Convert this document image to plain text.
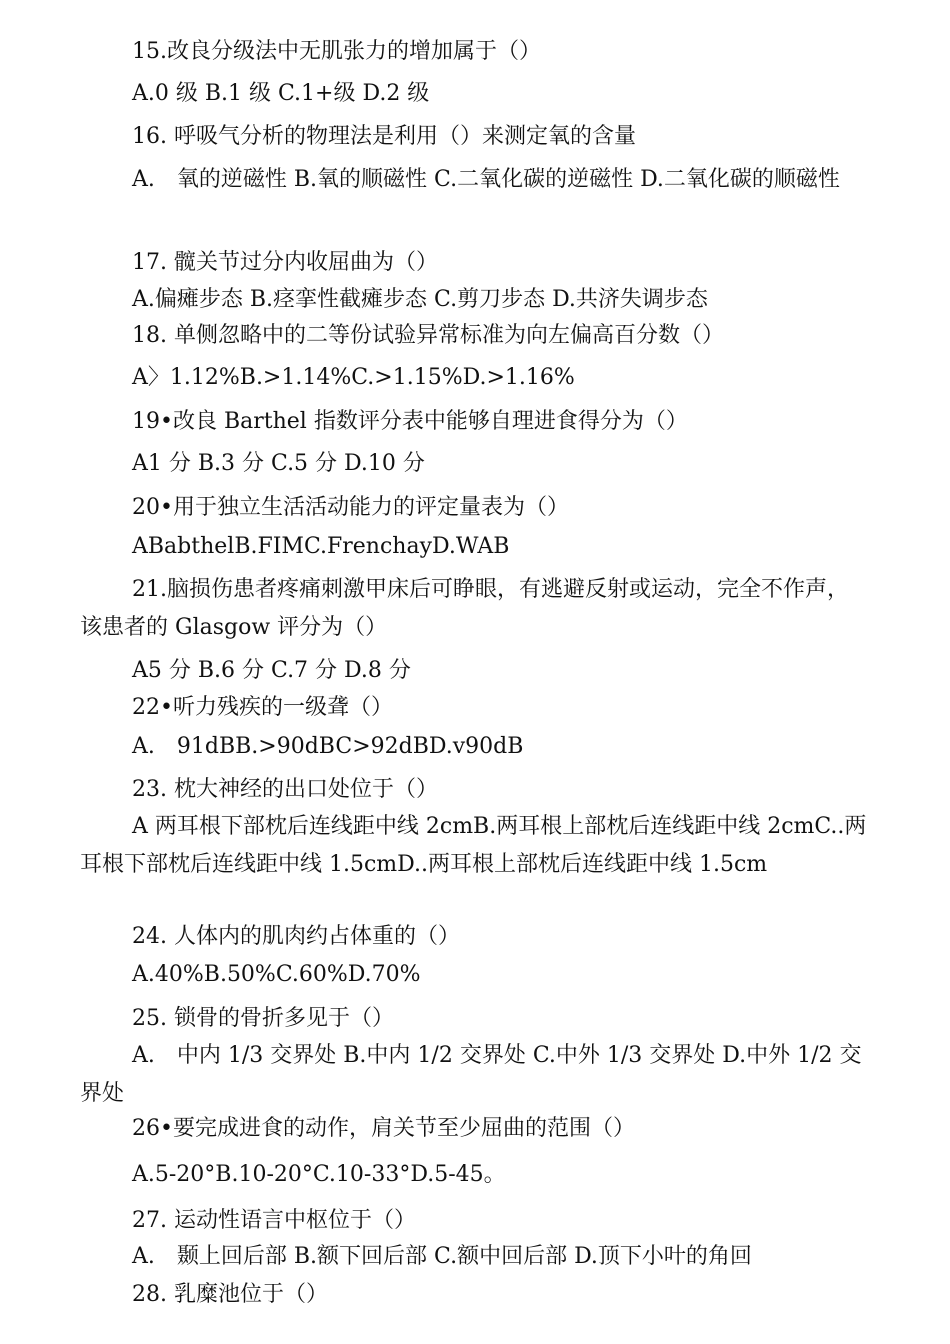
15.改良分级法中无肌张力的增加属于（）
A.0 级 B.1 级 C.1+级 D.2 级
16. 呼吸气分析的物理法是利用（）来测定氧的含量
A.　氧的逆磁性 B.氧的顺磁性 C.二氧化碳的逆磁性 D.二氧化碳的顺磁性
17. 髋关节过分内收屈曲为（）
A.偏瘫步态 B.痉挛性截瘫步态 C.剪刀步态 D.共济失调步态
18. 单侧忽略中的二等份试验异常标准为向左偏高百分数（）
A〉1.12%B.>1.14%C.>1.15%D.>1.16%
19•改良 Barthel 指数评分表中能够自理进食得分为（）
A1 分 B.3 分 C.5 分 D.10 分
20•用于独立生活活动能力的评定量表为（）
ABabthelB.FIMC.FrenchayD.WAB
21.脑损伤患者疼痛刺激甲床后可睁眼，有逃避反射或运动，完全不作声，该患者的 Glasgow 评分为（）
A5 分 B.6 分 C.7 分 D.8 分
22•听力残疾的一级聋（）
A.　91dBB.>90dBC>92dBD.v90dB
23. 枕大神经的出口处位于（）
A 两耳根下部枕后连线距中线 2cmB.两耳根上部枕后连线距中线 2cmC..两耳根下部枕后连线距中线 1.5cmD..两耳根上部枕后连线距中线 1.5cm
24. 人体内的肌肉约占体重的（）
A.40%B.50%C.60%D.70%
25. 锁骨的骨折多见于（）
A.　中内 1/3 交界处 B.中内 1/2 交界处 C.中外 1/3 交界处 D.中外 1/2 交界处
26•要完成进食的动作，肩关节至少屈曲的范围（）
A.5-20°B.10-20°C.10-33°D.5-45。
27. 运动性语言中枢位于（）
A.　颞上回后部 B.额下回后部 C.额中回后部 D.顶下小叶的角回
28. 乳糜池位于（）
